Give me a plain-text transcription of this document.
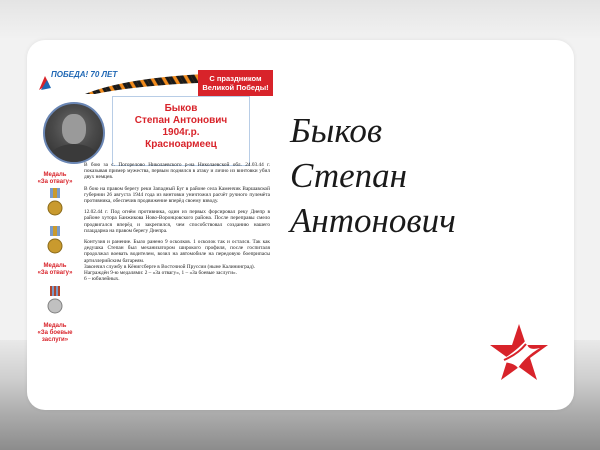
ПОБЕДА! 70 ЛЕТ	С праздником
Великой Победы!
Быков
Степан Антонович
1904г.р.
Красноармеец
Медаль
«За отвагу»
Медаль
«За отвагу»
Медаль
«За боевые заслуги»

В бою за с. Погорелово Николаевского р-на Николаевской обл. 24.03.44 г. показывая пример мужества, первым поднялся в атаку и лично из винтовки убил двух немцев.

В бою на правом берегу реки Западный Буг в районе села Каменчик Варшавской губернии 26 августа 1944 года из винтовки уничтожил расчёт ручного пулемёта противника, обеспечив продвижение вперёд своему взводу.

12.02.44 г. Под огнём противника, один из первых форсировал реку Днепр в районе хутора Банжикова Ново-Воронцовского района. После переправы смело продвигался вперёд и закрепился, чем способствовал созданию нашего плацдарма на правом берегу Днепра.

Контузия и ранение. Было ранено 9 осколков. 1 осколок так и остался. Так как дедушка Степан был механизатором широкого профиля, после госпиталя продолжал воевать водителем, возил на автомобиле на передовую боеприпасы артиллерийским батареям.

Закончил службу в Кёнигсберге в Восточной Пруссии (ныне Калининград).

Награждён 9-ю медалями: 2 – «За отвагу», 1 – «За боевые заслуги».

6 – юбилейных.

Быков
Степан
Антонович
